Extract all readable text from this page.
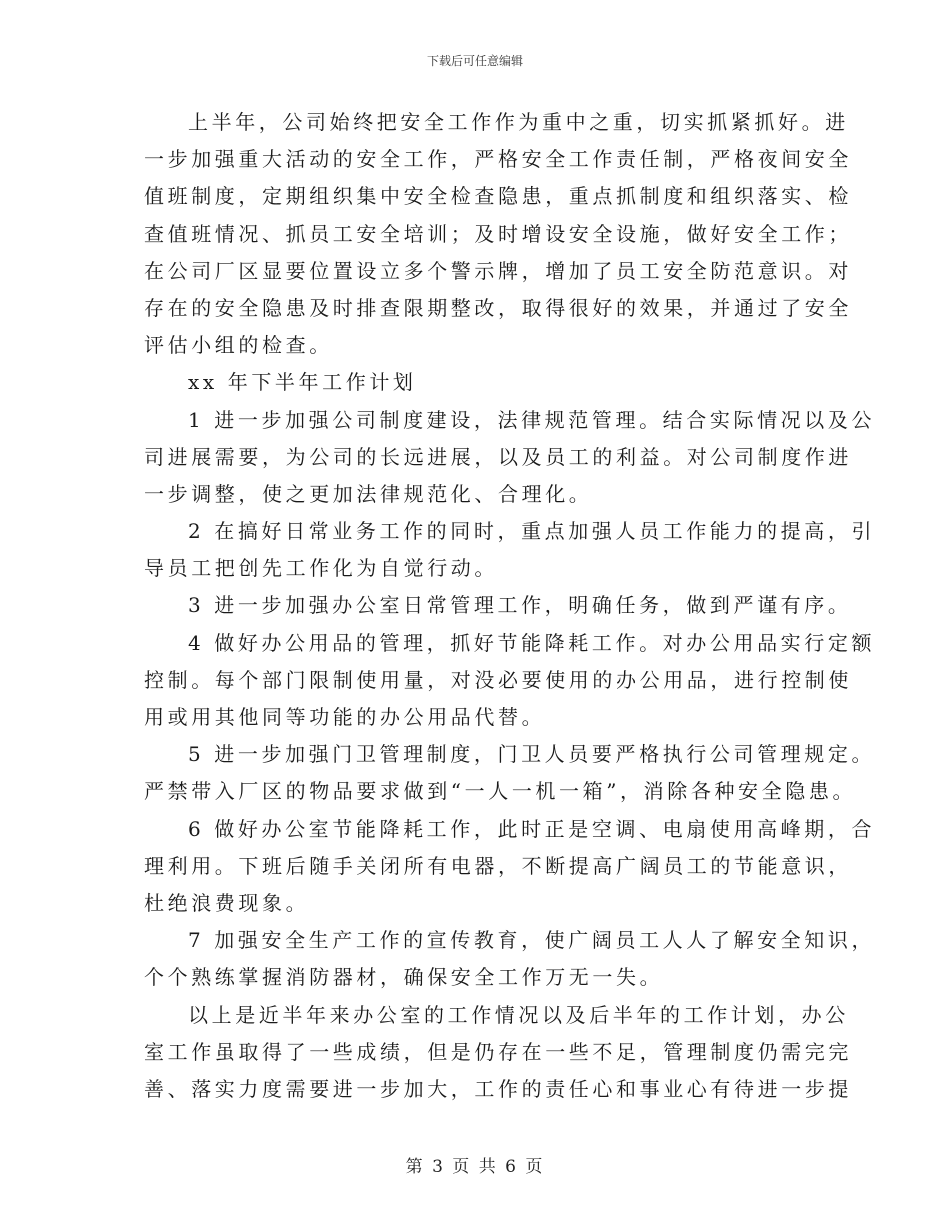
下载后可任意编辑
上半年，公司始终把安全工作作为重中之重，切实抓紧抓好。进
一步加强重大活动的安全工作，严格安全工作责任制，严格夜间安全
值班制度，定期组织集中安全检查隐患，重点抓制度和组织落实、检
查值班情况、抓员工安全培训；及时增设安全设施，做好安全工作；
在公司厂区显要位置设立多个警示牌，增加了员工安全防范意识。对
存在的安全隐患及时排查限期整改，取得很好的效果，并通过了安全
评估小组的检查。
xx 年下半年工作计划
1 进一步加强公司制度建设，法律规范管理。结合实际情况以及公
司进展需要，为公司的长远进展，以及员工的利益。对公司制度作进
一步调整，使之更加法律规范化、合理化。
2 在搞好日常业务工作的同时，重点加强人员工作能力的提高，引
导员工把创先工作化为自觉行动。
3 进一步加强办公室日常管理工作，明确任务，做到严谨有序。
4 做好办公用品的管理，抓好节能降耗工作。对办公用品实行定额
控制。每个部门限制使用量，对没必要使用的办公用品，进行控制使
用或用其他同等功能的办公用品代替。
5 进一步加强门卫管理制度，门卫人员要严格执行公司管理规定。
严禁带入厂区的物品要求做到“一人一机一箱”，消除各种安全隐患。
6 做好办公室节能降耗工作，此时正是空调、电扇使用高峰期，合
理利用。下班后随手关闭所有电器，不断提高广阔员工的节能意识，
杜绝浪费现象。
7 加强安全生产工作的宣传教育，使广阔员工人人了解安全知识，
个个熟练掌握消防器材，确保安全工作万无一失。
以上是近半年来办公室的工作情况以及后半年的工作计划，办公
室工作虽取得了一些成绩，但是仍存在一些不足，管理制度仍需完完
善、落实力度需要进一步加大，工作的责任心和事业心有待进一步提
第 3 页 共 6 页
